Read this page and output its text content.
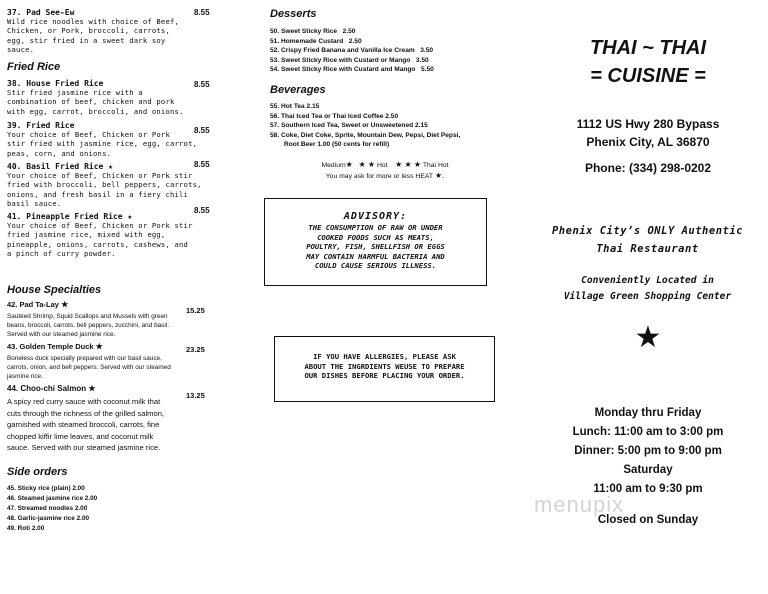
37. Pad See-Ew
Wild rice noodles with choice of Beef,
Chicken, or Pork, broccoli, carrots,
egg, stir fried in a sweet dark soy
sauce.
8.55
Fried Rice
38. House Fried Rice
Stir fried jasmine rice with a
combination of beef, chicken and pork
with egg, carrot, broccoli, and onions.
8.55
39. Fried Rice
Your choice of Beef, Chicken or Pork
stir fried with jasmine rice, egg, carrot,
peas, corn, and onions.
8.55
40. Basil Fried Rice ★
Your choice of Beef, Chicken or Pork stir
fried with broccoli, bell peppers, carrots,
onions, and fresh basil in a fiery chili
basil sauce.
8.55
41. Pineapple Fried Rice ★
Your choice of Beef, Chicken or Pork stir
fried jasmine rice, mixed with egg,
pineapple, onions, carrots, cashews, and
a pinch of curry powder.
8.55
House Specialties
42. Pad Ta-Lay ★
Sautéed Shrimp, Squid Scallops and Mussels with green
beans, broccoli, carrots, bell peppers, zucchini, and basil.
Served with our steamed jasmine rice.
15.25
43. Golden Temple Duck ★
Boneless duck specially prepared with our basil sauce,
carrots, onion, and bell peppers. Served with our steamed
jasmine rice.
23.25
44. Choo-chi Salmon ★
A spicy red curry sauce with coconut milk that
cuts through the richness of the grilled salmon,
garnished with steamed broccoli, carrots, fine
chopped kiffir lime leaves, and coconut milk
sauce. Served with our steamed jasmine rice.
13.25
Side orders
45. Sticky rice (plain) 2.00
46. Steamed jasmine rice 2.00
47. Streamed noodles 2.00
48. Garlic-jasmine rice 2.00
49. Roti 2.00
Desserts
50. Sweet Sticky Rice 2.50
51. Homemade Custard 2.50
52. Crispy Fried Banana and Vanilla Ice Cream 3.50
53. Sweet Sticky Rice with Custard or Mango 3.50
54. Sweet Sticky Rice with Custard and Mango 5.50
Beverages
55. Hot Tea 2.15
56. Thai Iced Tea or Thai Iced Coffee 2.50
57. Southern Iced Tea, Sweet or Unsweetened 2.15
58. Coke, Diet Coke, Sprite, Mountain Dew, Pepsi, Diet Pepsi,
Root Beer 1.00 (50 cents for refill)
Medium★ ★ ★ Hot ★ ★ ★ Thai Hot
You may ask for more or less HEAT ★.
ADVISORY:
THE CONSUMPTION OF RAW OR UNDER
COOKED FOODS SUCH AS MEATS,
POULTRY, FISH, SHELLFISH OR EGGS
MAY CONTAIN HARMFUL BACTERIA AND
COULD CAUSE SERIOUS ILLNESS.
IF YOU HAVE ALLERGIES, PLEASE ASK
ABOUT THE INGRDIENTS WEUSE TO PREPARE
OUR DISHES BEFORE PLACING YOUR ORDER.
THAI ~ THAI
= CUISINE =
1112 US Hwy 280 Bypass
Phenix City, AL 36870
Phone: (334) 298-0202
Phenix City’s ONLY Authentic
Thai Restaurant
Conveniently Located in
Village Green Shopping Center
★
Monday thru Friday
Lunch: 11:00 am to 3:00 pm
Dinner: 5:00 pm to 9:00 pm
Saturday
11:00 am to 9:30 pm
menupix
Closed on Sunday
